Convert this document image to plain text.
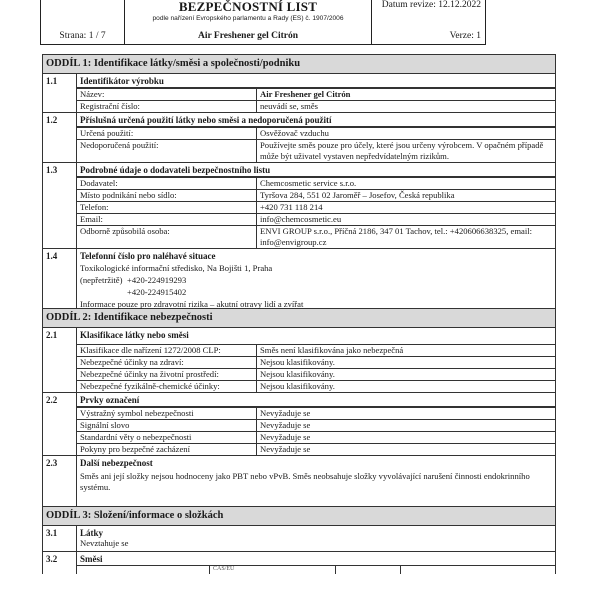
Strana: 1 / 7
BEZPEČNOSTNÍ LIST
podle nařízení Evropského parlamentu a Rady (ES) č. 1907/2006
Air Freshener gel Citrón
Datum revize: 12.12.2022
Verze: 1
ODDÍL 1: Identifikace látky/směsi a společnosti/podniku
1.1	Identifikátor výrobku
Název:	Air Freshener gel Citrón
Registrační číslo:	neuvádí se, směs
1.2	Příslušná určená použití látky nebo směsi a nedoporučená použití
Určená použití:	Osvěžovač vzduchu
Nedoporučená použití:	Používejte směs pouze pro účely, které jsou určeny výrobcem. V opačném případě může být uživatel vystaven nepředvídatelným rizikům.
1.3	Podrobné údaje o dodavateli bezpečnostního listu
Dodavatel:	Chemcosmetic service s.r.o.
Místo podnikání nebo sídlo:	Tyršova 284, 551 02 Jaroměř – Josefov, Česká republika
Telefon:	+420 731 118 214
Email:	info@chemcosmetic.eu
Odborně způsobilá osoba:	ENVI GROUP s.r.o., Příčná 2186, 347 01 Tachov, tel.: +420606638325, email: info@envigroup.cz
1.4	Telefonní číslo pro naléhavé situace
Toxikologické informační středisko, Na Bojišti 1, Praha
(nepřetržitě) +420-224919293
+420-224915402
Informace pouze pro zdravotní rizika – akutní otravy lidí a zvířat
ODDÍL 2: Identifikace nebezpečnosti
2.1	Klasifikace látky nebo směsi
Klasifikace dle nařízení 1272/2008 CLP:	Směs není klasifikována jako nebezpečná
Nebezpečné účinky na zdraví:	Nejsou klasifikovány.
Nebezpečné účinky na životní prostředí:	Nejsou klasifikovány.
Nebezpečné fyzikálně-chemické účinky:	Nejsou klasifikovány.
2.2	Prvky označení
Výstražný symbol nebezpečnosti	Nevyžaduje se
Signální slovo	Nevyžaduje se
Standardní věty o nebezpečnosti	Nevyžaduje se
Pokyny pro bezpečné zacházení	Nevyžaduje se
2.3	Další nebezpečnost
Směs ani její složky nejsou hodnoceny jako PBT nebo vPvB. Směs neobsahuje složky vyvolávající narušení činnosti endokrinního systému.
ODDÍL 3: Složení/informace o složkách
3.1	Látky
Nevztahuje se
3.2	Směsi
CAS/EU
